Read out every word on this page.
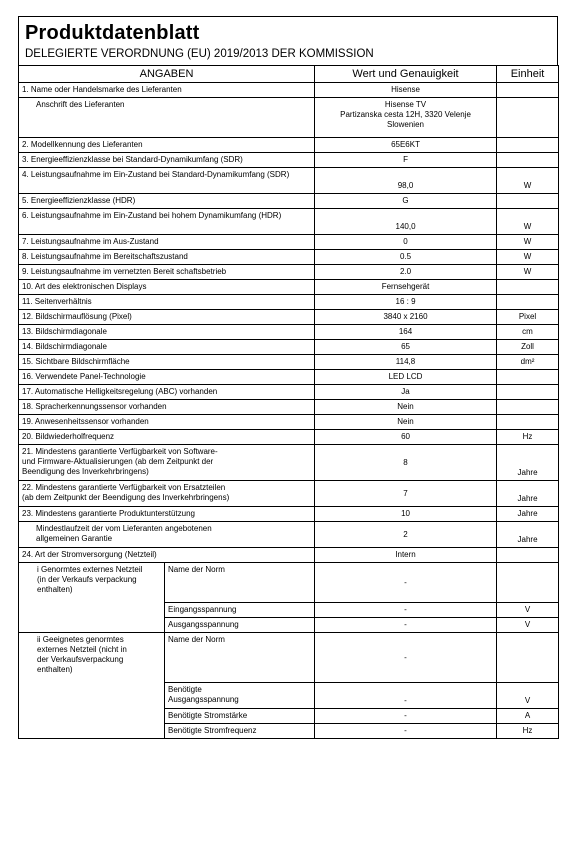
Produktdatenblatt
DELEGIERTE VERORDNUNG (EU) 2019/2013 DER KOMMISSION
ANGABEN		Wert und Genauigkeit	Einheit
1. Name oder Handelsmarke des Lieferanten		Hisense	
Anschrift des Lieferanten		Hisense TV
Partizanska cesta 12H, 3320 Velenje
Slowenien	

2. Modellkennung des Lieferanten		65E6KT	
3. Energieeffizienzklasse bei Standard-Dynamikumfang (SDR)		F	
4. Leistungsaufnahme im Ein-Zustand bei Standard-Dynamikumfang (SDR)		98,0	W
5. Energieeffizienzklasse (HDR)		G	
6. Leistungsaufnahme im Ein-Zustand bei hohem Dynamikumfang (HDR)		140,0	W
7. Leistungsaufnahme im Aus-Zustand		0	W
8. Leistungsaufnahme im Bereitschaftszustand		0.5	W
9. Leistungsaufnahme im vernetzten Bereit schaftsbetrieb		2.0	W
10. Art des elektronischen Displays		Fernsehgerät	
11. Seitenverhältnis		16 : 9	
12. Bildschirmauflösung (Pixel)		3840 x 2160	Pixel
13. Bildschirmdiagonale		164	cm
14. Bildschirmdiagonale		65	Zoll
15. Sichtbare Bildschirmfläche		114,8	dm²
16. Verwendete Panel-Technologie		LED LCD	
17. Automatische Helligkeitsregelung (ABC) vorhanden		Ja	
18. Spracherkennungssensor vorhanden		Nein	
19. Anwesenheitssensor vorhanden		Nein	
20. Bildwiederholfrequenz		60	Hz

21. Mindestens garantierte Verfügbarkeit von Software-
und Firmware-Aktualisierungen (ab dem Zeitpunkt der
Beendigung des Inverkehrbringens)		8	Jahre

22. Mindestens garantierte Verfügbarkeit von Ersatzteilen
(ab dem Zeitpunkt der Beendigung des Inverkehrbringens)		7	Jahre
23. Mindestens garantierte Produktunterstützung		10	Jahre

Mindestlaufzeit der vom Lieferanten angebotenen
allgemeinen Garantie		2	Jahre
24. Art der Stromversorgung (Netzteil)		Intern	

i Genormtes externes Netzteil
(in der Verkaufs verpackung
enthalten)	Name der Norm	-	
	Eingangsspannung	-	V
	Ausgangsspannung	-	V

ii Geeignetes genormtes
externes Netzteil (nicht in
der Verkaufsverpackung
enthalten)	Name der Norm	-	

	Benötigte
Ausgangsspannung	-	V
	Benötigte Stromstärke	-	A
	Benötigte Stromfrequenz	-	Hz
